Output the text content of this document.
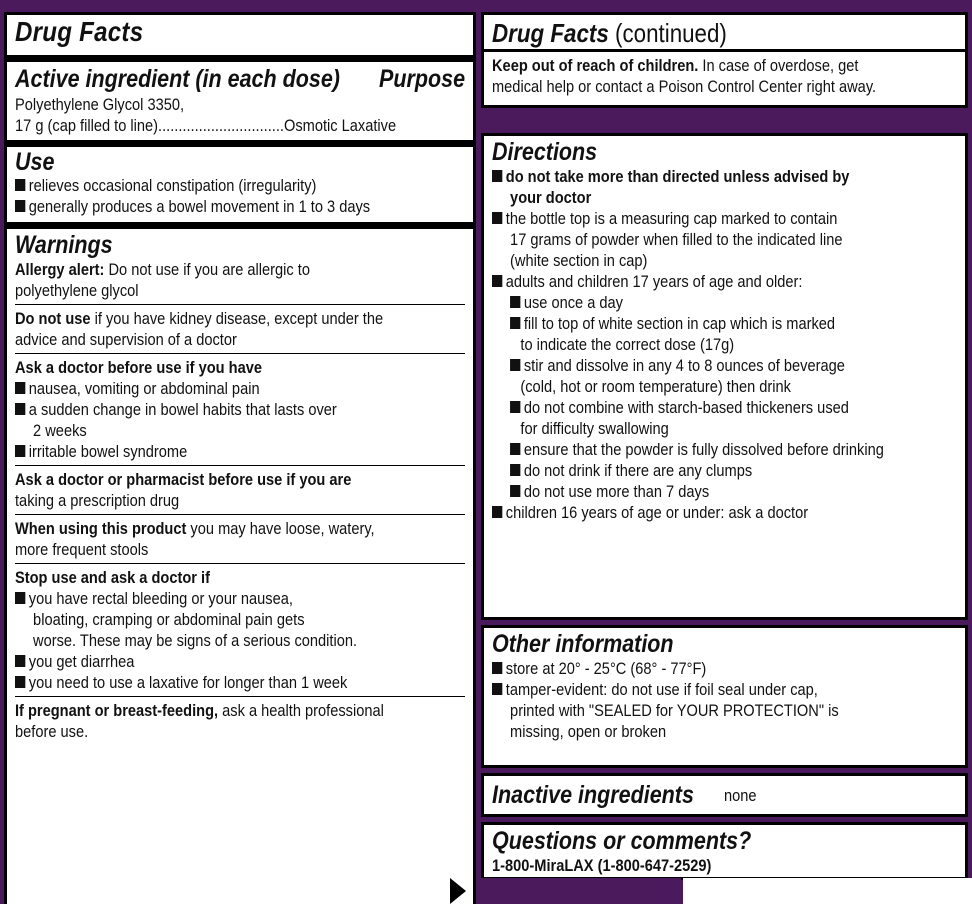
Drug Facts
Active ingredient (in each dose)	Purpose
Polyethylene Glycol 3350,
17 g (cap filled to line)...............................Osmotic Laxative
Use
relieves occasional constipation (irregularity)
generally produces a bowel movement in 1 to 3 days
Warnings
Allergy alert: Do not use if you are allergic to
polyethylene glycol
Do not use if you have kidney disease, except under the
advice and supervision of a doctor
Ask a doctor before use if you have
nausea, vomiting or abdominal pain
a sudden change in bowel habits that lasts over
2 weeks
irritable bowel syndrome
Ask a doctor or pharmacist before use if you are
taking a prescription drug
When using this product you may have loose, watery,
more frequent stools
Stop use and ask a doctor if
you have rectal bleeding or your nausea,
bloating, cramping or abdominal pain gets
worse. These may be signs of a serious condition.
you get diarrhea
you need to use a laxative for longer than 1 week
If pregnant or breast-feeding, ask a health professional
before use.
Drug Facts (continued)
Keep out of reach of children. In case of overdose, get
medical help or contact a Poison Control Center right away.
Directions
do not take more than directed unless advised by
your doctor
the bottle top is a measuring cap marked to contain
17 grams of powder when filled to the indicated line
(white section in cap)
adults and children 17 years of age and older:
use once a day
fill to top of white section in cap which is marked
to indicate the correct dose (17g)
stir and dissolve in any 4 to 8 ounces of beverage
(cold, hot or room temperature) then drink
do not combine with starch-based thickeners used
for difficulty swallowing
ensure that the powder is fully dissolved before drinking
do not drink if there are any clumps
do not use more than 7 days
children 16 years of age or under: ask a doctor
Other information
store at 20° - 25°C (68° - 77°F)
tamper-evident: do not use if foil seal under cap,
printed with "SEALED for YOUR PROTECTION" is
missing, open or broken
Inactive ingredients none
Questions or comments?
1-800-MiraLAX (1-800-647-2529)
